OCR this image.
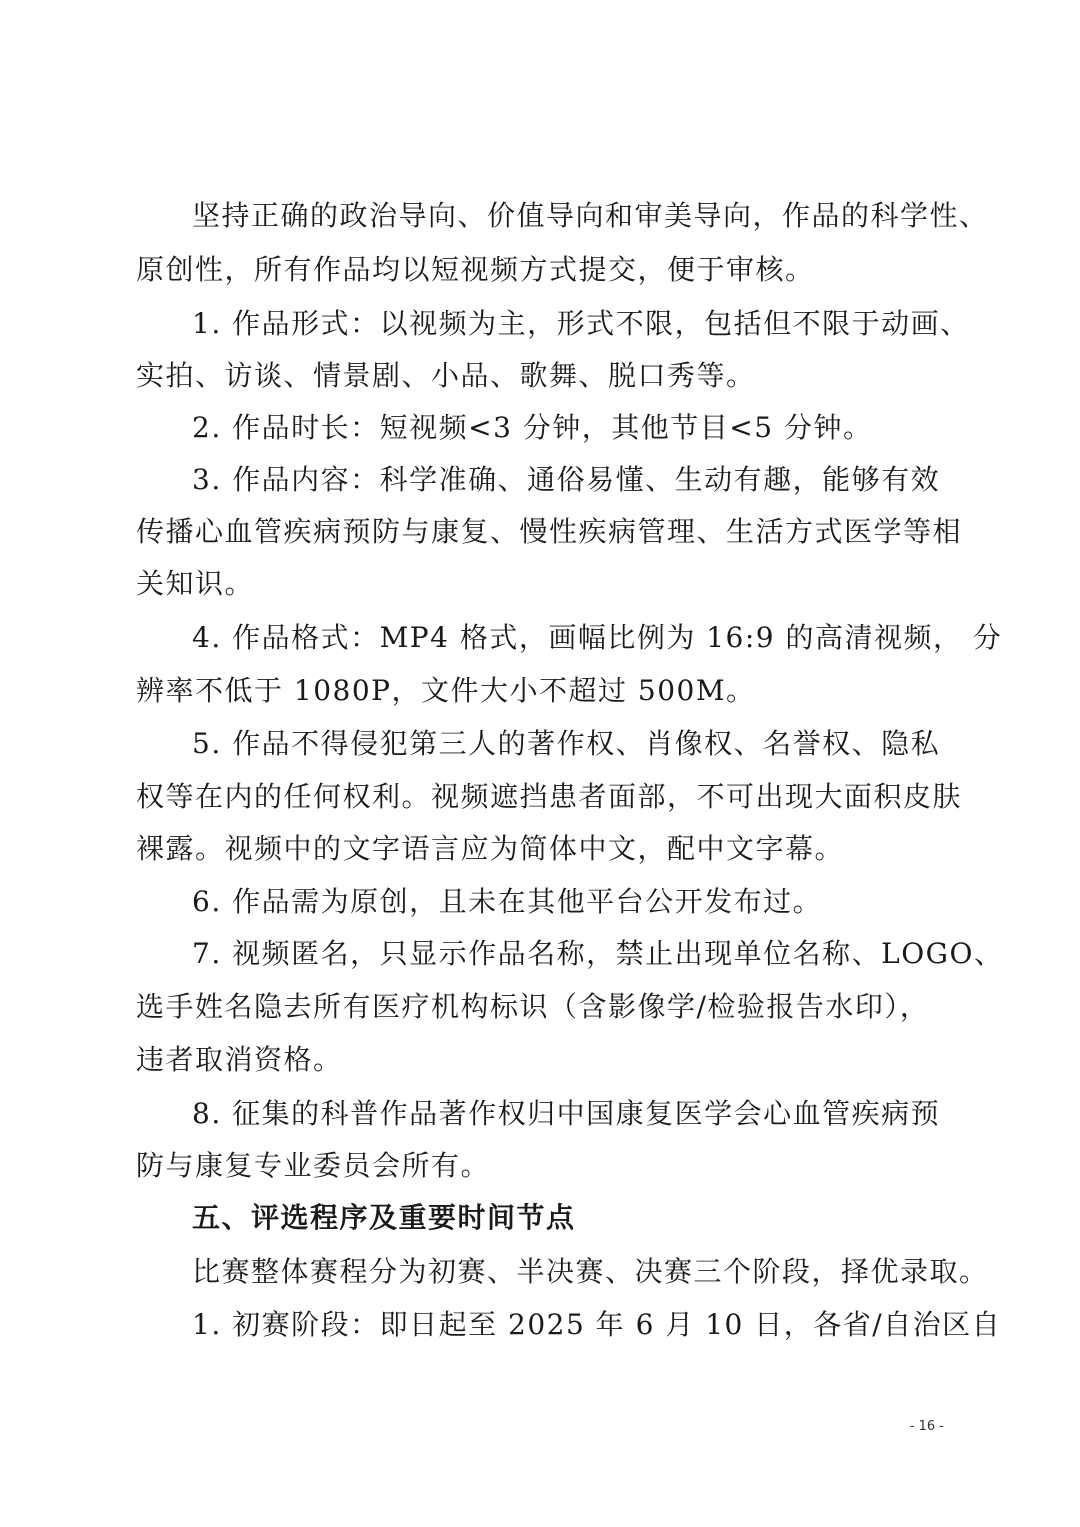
坚持正确的政治导向、价值导向和审美导向，作品的科学性、
原创性，所有作品均以短视频方式提交，便于审核。
1. 作品形式：以视频为主，形式不限，包括但不限于动画、
实拍、访谈、情景剧、小品、歌舞、脱口秀等。
2. 作品时长：短视频<3 分钟，其他节目<5 分钟。
3. 作品内容：科学准确、通俗易懂、生动有趣，能够有效
传播心血管疾病预防与康复、慢性疾病管理、生活方式医学等相
关知识。
4. 作品格式：MP4 格式，画幅比例为 16:9 的高清视频， 分
辨率不低于 1080P，文件大小不超过 500M。
5. 作品不得侵犯第三人的著作权、肖像权、名誉权、隐私
权等在内的任何权利。视频遮挡患者面部，不可出现大面积皮肤
裸露。视频中的文字语言应为简体中文，配中文字幕。
6. 作品需为原创，且未在其他平台公开发布过。
7. 视频匿名，只显示作品名称，禁止出现单位名称、LOGO、
选手姓名隐去所有医疗机构标识（含影像学/检验报告水印），
违者取消资格。
8. 征集的科普作品著作权归中国康复医学会心血管疾病预
防与康复专业委员会所有。
五、评选程序及重要时间节点
比赛整体赛程分为初赛、半决赛、决赛三个阶段，择优录取。
1. 初赛阶段：即日起至 2025 年 6 月 10 日，各省/自治区自
- 16 -
